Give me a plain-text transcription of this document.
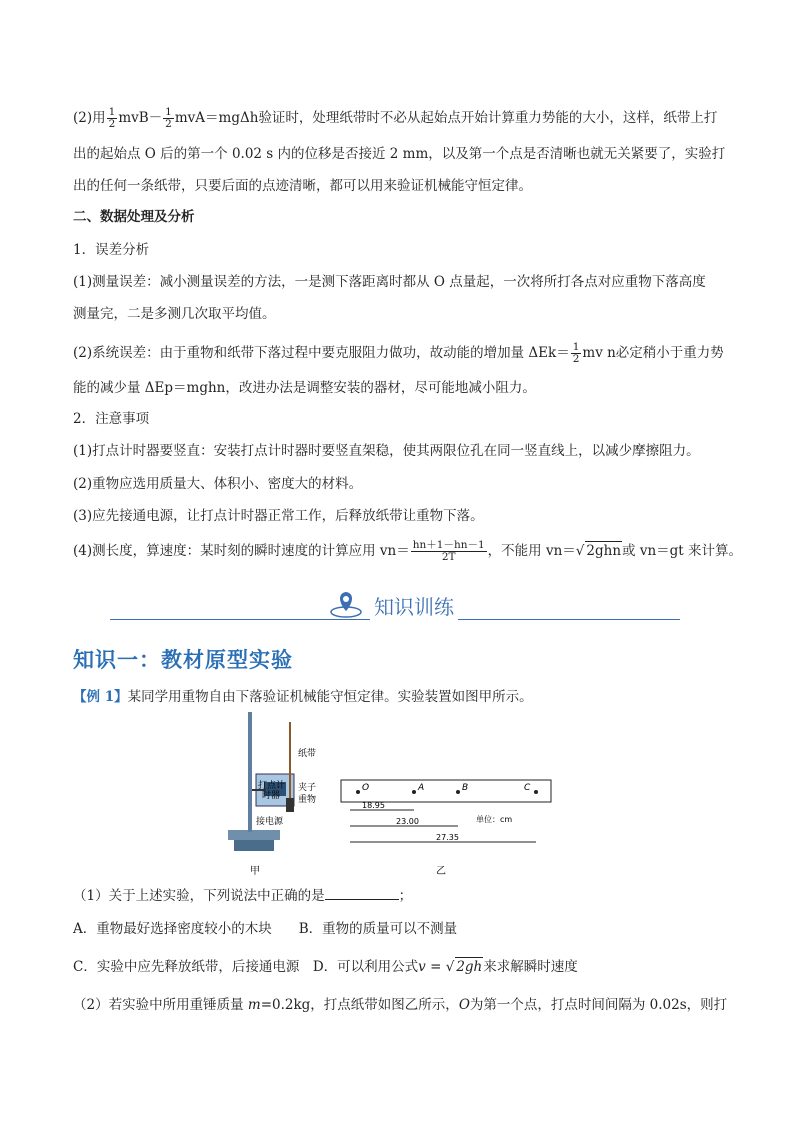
(2)用 $\frac{1}{2} mvB- \frac{1}{2} mvA=mg\Delta h$验证时，处理纸带时不必从起始点开始计算重力势能的大小，这样，纸带上打
出的起始点 O 后的第一个 0.02 s 内的位移是否接近 2 mm，以及第一个点是否清晰也就无关紧要了，实验打
出的任何一条纸带，只要后面的点迹清晰，都可以用来验证机械能守恒定律。
二、数据处理及分析
1．误差分析
(1)测量误差：减小测量误差的方法，一是测下落距离时都从 O 点量起，一次将所打各点对应重物下落高度
测量完，二是多测几次取平均值。
(2)系统误差：由于重物和纸带下落过程中要克服阻力做功，故动能的增加量 $\Delta Ek= \frac{1}{2}$ mv n必定稍小于重力势
能的减少量 ΔEp＝mghn，改进办法是调整安装的器材，尽可能地减小阻力。
2．注意事项
(1)打点计时器要竖直：安装打点计时器时要竖直架稳，使其两限位孔在同一竖直线上，以减少摩擦阻力。
(2)重物应选用质量大、体积小、密度大的材料。
(3)应先接通电源，让打点计时器正常工作，后释放纸带让重物下落。
(4)测长度，算速度：某时刻的瞬时速度的计算应用 $vn= \frac{hn+1-hn-1}{2T}$ ，不能用 vn＝√ 2ghn或 vn＝gt 来计算。
知识训练
知识一：教材原型实验
【例 1】某同学用重物自由下落验证机械能守恒定律。实验装置如图甲所示。
打点计
时器
纸带
夹子
重物
接电源
甲
O	A	B	C
18.95
23.00
27.35
单位：cm
乙
（1）关于上述实验，下列说法中正确的是	；
A．重物最好选择密度较小的木块　　B．重物的质量可以不测量
C．实验中应先释放纸带，后接通电源　D．可以利用公式v = √ 2gh来求解瞬时速度
（2）若实验中所用重锤质量 m=0.2kg，打点纸带如图乙所示，O为第一个点，打点时间间隔为 0.02s，则打
